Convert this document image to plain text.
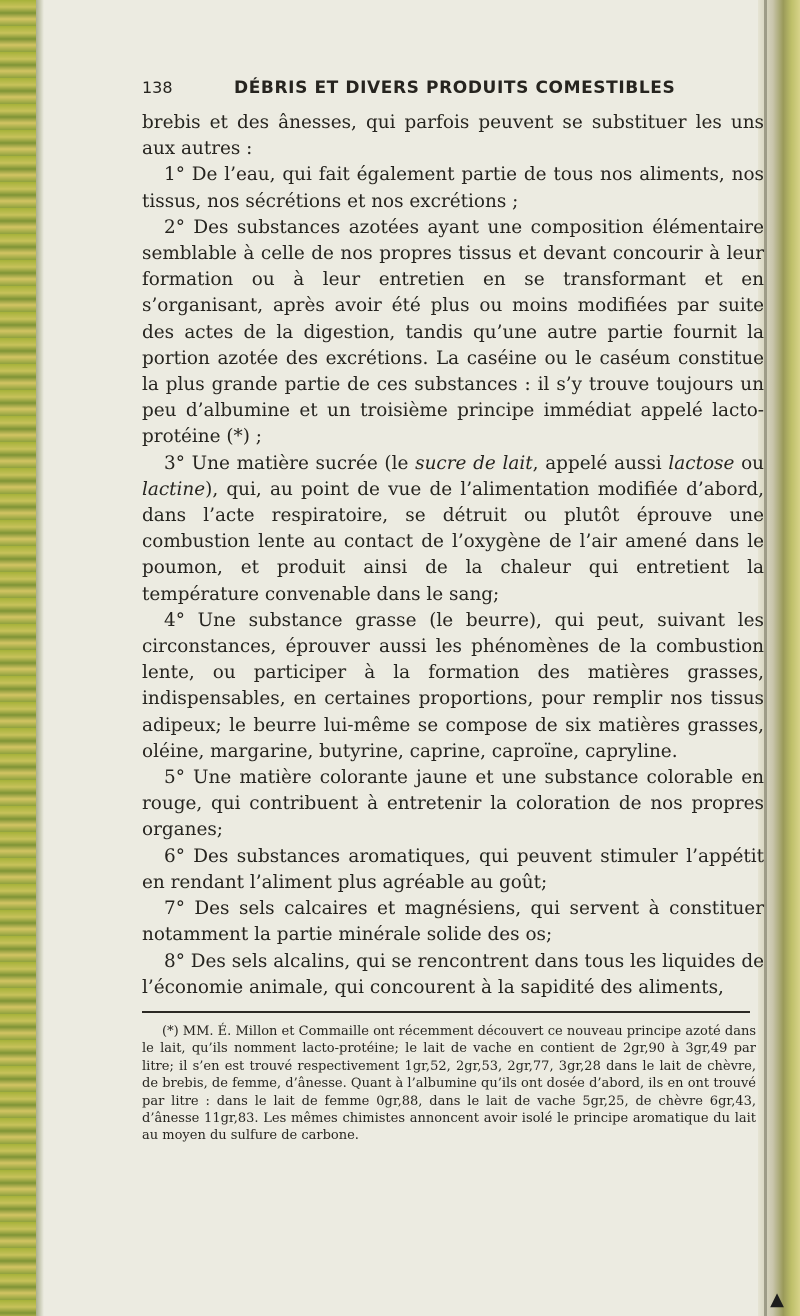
138	DÉBRIS ET DIVERS PRODUITS COMESTIBLES

brebis et des ânesses, qui parfois peuvent se substituer les uns aux autres :

1° De l’eau, qui fait également partie de tous nos aliments, nos tissus, nos sécrétions et nos excrétions ;

2° Des substances azotées ayant une composition élémentaire semblable à celle de nos propres tissus et devant concourir à leur formation ou à leur entretien en se transformant et en s’organisant, après avoir été plus ou moins modifiées par suite des actes de la digestion, tandis qu’une autre partie fournit la portion azotée des excrétions. La caséine ou le caséum constitue la plus grande partie de ces substances : il s’y trouve toujours un peu d’albumine et un troisième principe immédiat appelé lacto-protéine (*) ;

3° Une matière sucrée (le sucre de lait, appelé aussi lactose ou lactine), qui, au point de vue de l’alimentation modifiée d’abord, dans l’acte respiratoire, se détruit ou plutôt éprouve une combustion lente au contact de l’oxygène de l’air amené dans le poumon, et produit ainsi de la chaleur qui entretient la température convenable dans le sang;

4° Une substance grasse (le beurre), qui peut, suivant les circonstances, éprouver aussi les phénomènes de la combustion lente, ou participer à la formation des matières grasses, indispensables, en certaines proportions, pour remplir nos tissus adipeux; le beurre lui-même se compose de six matières grasses, oléine, margarine, butyrine, caprine, caproïne, capryline.

5° Une matière colorante jaune et une substance colorable en rouge, qui contribuent à entretenir la coloration de nos propres organes;

6° Des substances aromatiques, qui peuvent stimuler l’appétit en rendant l’aliment plus agréable au goût;

7° Des sels calcaires et magnésiens, qui servent à constituer notamment la partie minérale solide des os;

8° Des sels alcalins, qui se rencontrent dans tous les liquides de l’économie animale, qui concourent à la sapidité des aliments,

(*) MM. É. Millon et Commaille ont récemment découvert ce nouveau principe azoté dans le lait, qu’ils nomment lacto-protéine; le lait de vache en contient de 2gr,90 à 3gr,49 par litre; il s’en est trouvé respectivement 1gr,52, 2gr,53, 2gr,77, 3gr,28 dans le lait de chèvre, de brebis, de femme, d’ânesse. Quant à l’albumine qu’ils ont dosée d’abord, ils en ont trouvé par litre : dans le lait de femme 0gr,88, dans le lait de vache 5gr,25, de chèvre 6gr,43, d’ânesse 11gr,83. Les mêmes chimistes annoncent avoir isolé le principe aromatique du lait au moyen du sulfure de carbone.

▲
